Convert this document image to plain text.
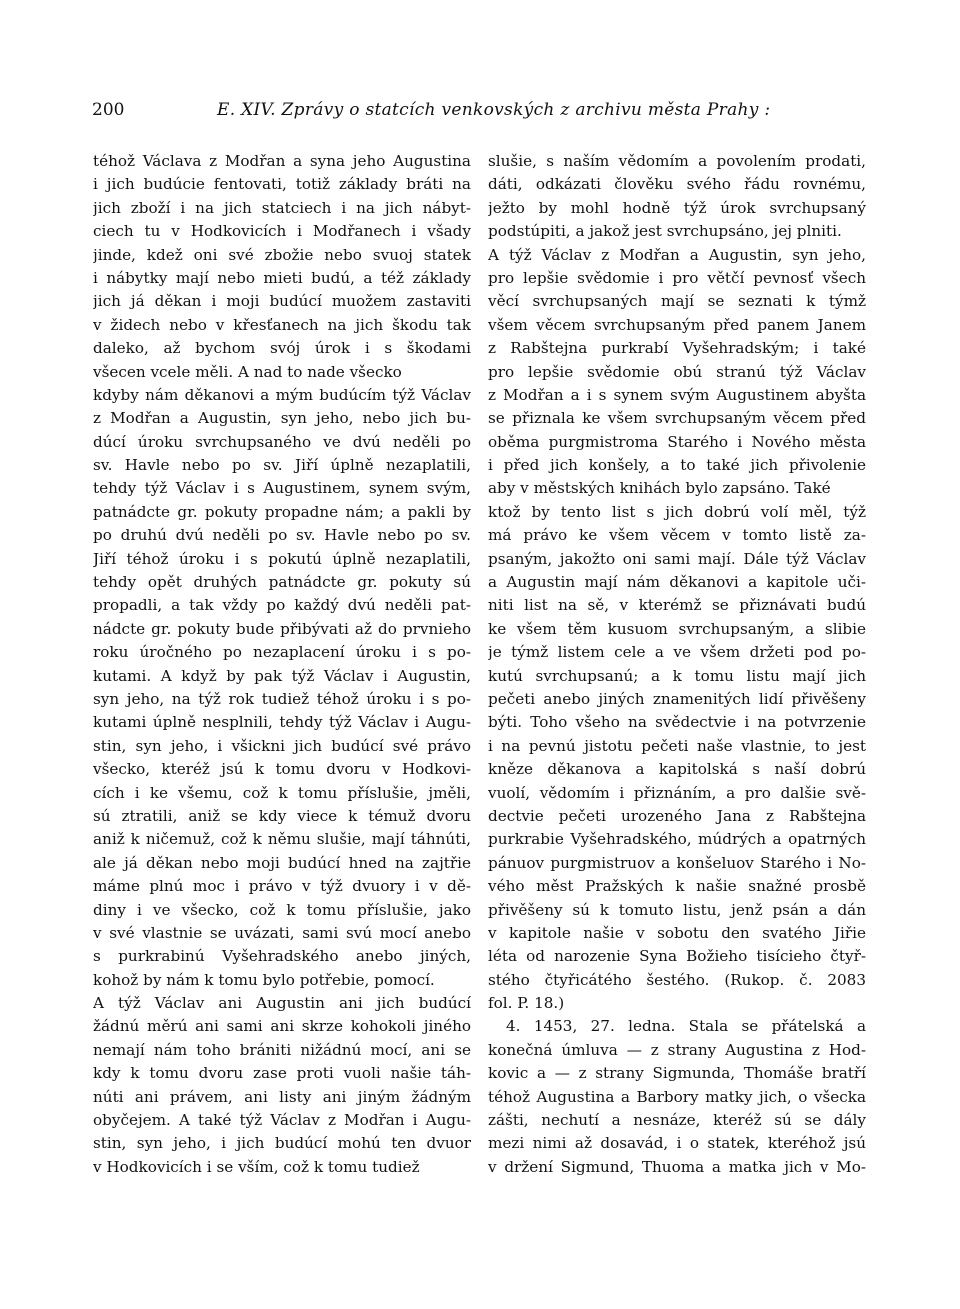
200	E. XIV. Zprávy o statcích venkovských z archivu města Prahy :
téhož Václava z Modřan a syna jeho Augustina
i jich budúcie fentovati, totiž základy bráti na
jich zboží i na jich statciech i na jich nábyt-
ciech tu v Hodkovicích i Modřanech i všady
jinde, kdež oni své zbožie nebo svuoj statek
i nábytky mají nebo mieti budú, a též základy
jich já děkan i moji budúcí muožem zastaviti
v židech nebo v křesťanech na jich škodu tak
daleko, až bychom svój úrok i s škodami
všecen vcele měli. A nad to nade všecko
kdyby nám děkanovi a mým budúcím týž Václav
z Modřan a Augustin, syn jeho, nebo jich bu-
dúcí úroku svrchupsaného ve dvú neděli po
sv. Havle nebo po sv. Jiří úplně nezaplatili,
tehdy týž Václav i s Augustinem, synem svým,
patnádcte gr. pokuty propadne nám; a pakli by
po druhú dvú neděli po sv. Havle nebo po sv.
Jiří téhož úroku i s pokutú úplně nezaplatili,
tehdy opět druhých patnádcte gr. pokuty sú
propadli, a tak vždy po každý dvú neděli pat-
nádcte gr. pokuty bude přibývati až do prvnieho
roku úročného po nezaplacení úroku i s po-
kutami. A když by pak týž Václav i Augustin,
syn jeho, na týž rok tudiež téhož úroku i s po-
kutami úplně nesplnili, tehdy týž Václav i Augu-
stin, syn jeho, i všickni jich budúcí své právo
všecko, kteréž jsú k tomu dvoru v Hodkovi-
cích i ke všemu, což k tomu příslušie, jměli,
sú ztratili, aniž se kdy viece k témuž dvoru
aniž k ničemuž, což k němu slušie, mají táhnúti,
ale já děkan nebo moji budúcí hned na zajtřie
máme plnú moc i právo v týž dvuory i v dě-
diny i ve všecko, což k tomu příslušie, jako
v své vlastnie se uvázati, sami svú mocí anebo
s purkrabinú Vyšehradského anebo jiných,
kohož by nám k tomu bylo potřebie, pomocí.
A týž Václav ani Augustin ani jich budúcí
žádnú měrú ani sami ani skrze kohokoli jiného
nemají nám toho brániti nižádnú mocí, ani se
kdy k tomu dvoru zase proti vuoli našie táh-
núti ani právem, ani listy ani jiným žádným
obyčejem. A také týž Václav z Modřan i Augu-
stin, syn jeho, i jich budúcí mohú ten dvuor
v Hodkovicích i se vším, což k tomu tudiež
slušie, s naším vědomím a povolením prodati,
dáti, odkázati člověku svého řádu rovnému,
ježto by mohl hodně týž úrok svrchupsaný
podstúpiti, a jakož jest svrchupsáno, jej plniti.
A týž Václav z Modřan a Augustin, syn jeho,
pro lepšie svědomie i pro větčí pevnosť všech
věcí svrchupsaných mají se seznati k týmž
všem věcem svrchupsaným před panem Janem
z Rabštejna purkrabí Vyšehradským; i také
pro lepšie svědomie obú stranú týž Václav
z Modřan a i s synem svým Augustinem abyšta
se přiznala ke všem svrchupsaným věcem před
oběma purgmistroma Starého i Nového města
i před jich konšely, a to také jich přivolenie
aby v městských knihách bylo zapsáno. Také
ktož by tento list s jich dobrú volí měl, týž
má právo ke všem věcem v tomto listě za-
psaným, jakožto oni sami mají. Dále týž Václav
a Augustin mají nám děkanovi a kapitole uči-
niti list na sě, v kterémž se přiznávati budú
ke všem těm kusuom svrchupsaným, a slibie
je týmž listem cele a ve všem držeti pod po-
kutú svrchupsanú; a k tomu listu mají jich
pečeti anebo jiných znamenitých lidí přivěšeny
býti. Toho všeho na svědectvie i na potvrzenie
i na pevnú jistotu pečeti naše vlastnie, to jest
kněze děkanova a kapitolská s naší dobrú
vuolí, vědomím i přiznáním, a pro dalšie svě-
dectvie pečeti urozeného Jana z Rabštejna
purkrabie Vyšehradského, múdrých a opatrných
pánuov purgmistruov a konšeluov Starého i No-
vého měst Pražských k našie snažné prosbě
přivěšeny sú k tomuto listu, jenž psán a dán
v kapitole našie v sobotu den svatého Jiřie
léta od narozenie Syna Božieho tisícieho čtyř-
stého čtyřicátého šestého. (Rukop. č. 2083
fol. P. 18.)
4. 1453, 27. ledna. Stala se přátelská a
konečná úmluva — z strany Augustina z Hod-
kovic a — z strany Sigmunda, Thomáše bratří
téhož Augustina a Barbory matky jich, o všecka
zášti, nechutí a nesnáze, kteréž sú se dály
mezi nimi až dosavád, i o statek, kteréhož jsú
v držení Sigmund, Thuoma a matka jich v Mo-
